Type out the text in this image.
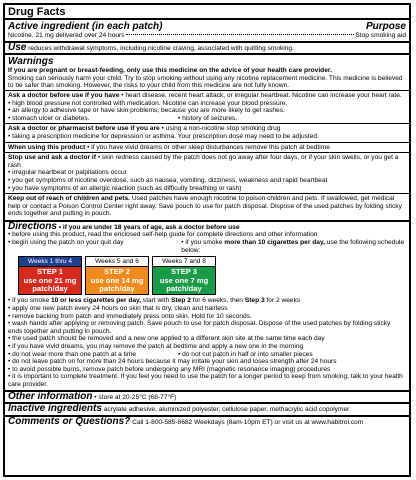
Drug Facts
Active ingredient (in each patch)	Purpose
Nicotine, 21 mg delivered over 24 hours	Stop smoking aid
Use reduces withdrawal symptoms, including nicotine craving, associated with quitting smoking.
Warnings
If you are pregnant or breast-feeding, only use this medicine on the advice of your health care provider.
Smoking can seriously harm your child. Try to stop smoking without using any nicotine replacement medicine. This medicine is believed to be safer than smoking. However, the risks to your child from this medicine are not fully known.
Ask a doctor before use if you have • heart disease, recent heart attack, or irregular heartbeat. Nicotine can increase your heart rate.
• high blood pressure not controlled with medication. Nicotine can increase your blood pressure.
• an allergy to adhesive tape or have skin problems, because you are more likely to get rashes.
• stomach ulcer or diabetes.	• history of seizures.
Ask a doctor or pharmacist before use if you are • using a non-nicotine stop smoking drug
• taking a prescription medicine for depression or asthma. Your prescription dose may need to be adjusted.
When using this product • if you have vivid dreams or other sleep disturbances remove this patch at bedtime
Stop use and ask a doctor if • skin redness caused by the patch does not go away after four days, or if your skin swells, or you get a rash
• irregular heartbeat or palpitations occur
• you get symptoms of nicotine overdose, such as nausea, vomiting, dizziness, weakness and rapid heartbeat
• you have symptoms of an allergic reaction (such as difficulty breathing or rash)
Keep out of reach of children and pets. Used patches have enough nicotine to poison children and pets. If swallowed, get medical help or contact a Poison Control Center right away. Save pouch to use for patch disposal. Dispose of the used patches by folding sticky ends together and putting in pouch.
Directions • if you are under 18 years of age, ask a doctor before use
• before using this product, read the enclosed self-help guide for complete directions and other information
• begin using the patch on your quit day	• if you smoke more than 10 cigarettes per day, use the following schedule below:
Weeks 1 thru 4
STEP 1
use one 21 mg
patch/day
Weeks 5 and 6
STEP 2
use one 14 mg
patch/day
Weeks 7 and 8
STEP 3
use one 7 mg
patch/day
• if you smoke 10 or less cigarettes per day, start with Step 2 for 6 weeks, then Step 3 for 2 weeks
• apply one new patch every 24 hours on skin that is dry, clean and hairless
• remove backing from patch and immediately press onto skin. Hold for 10 seconds.
• wash hands after applying or removing patch. Save pouch to use for patch disposal. Dispose of the used patches by folding sticky ends together and putting in pouch.
• the used patch should be removed and a new one applied to a different skin site at the same time each day
• if you have vivid dreams, you may remove the patch at bedtime and apply a new one in the morning
• do not wear more than one patch at a time	• do not cut patch in half or into smaller pieces
• do not leave patch on for more than 24 hours because it may irritate your skin and loses strength after 24 hours
• to avoid possible burns, remove patch before undergoing any MRI (magnetic resonance imaging) procedures
• it is important to complete treatment. If you feel you need to use the patch for a longer period to keep from smoking, talk to your health care provider.
Other information • store at 20-25°C (68-77°F)
Inactive ingredients acrylate adhesive, aluminized polyester, cellulose paper, methacrylic acid copolymer
Comments or Questions? Call 1-800-585-8682 Weekdays (8am-10pm ET) or visit us at www.habitrol.com
